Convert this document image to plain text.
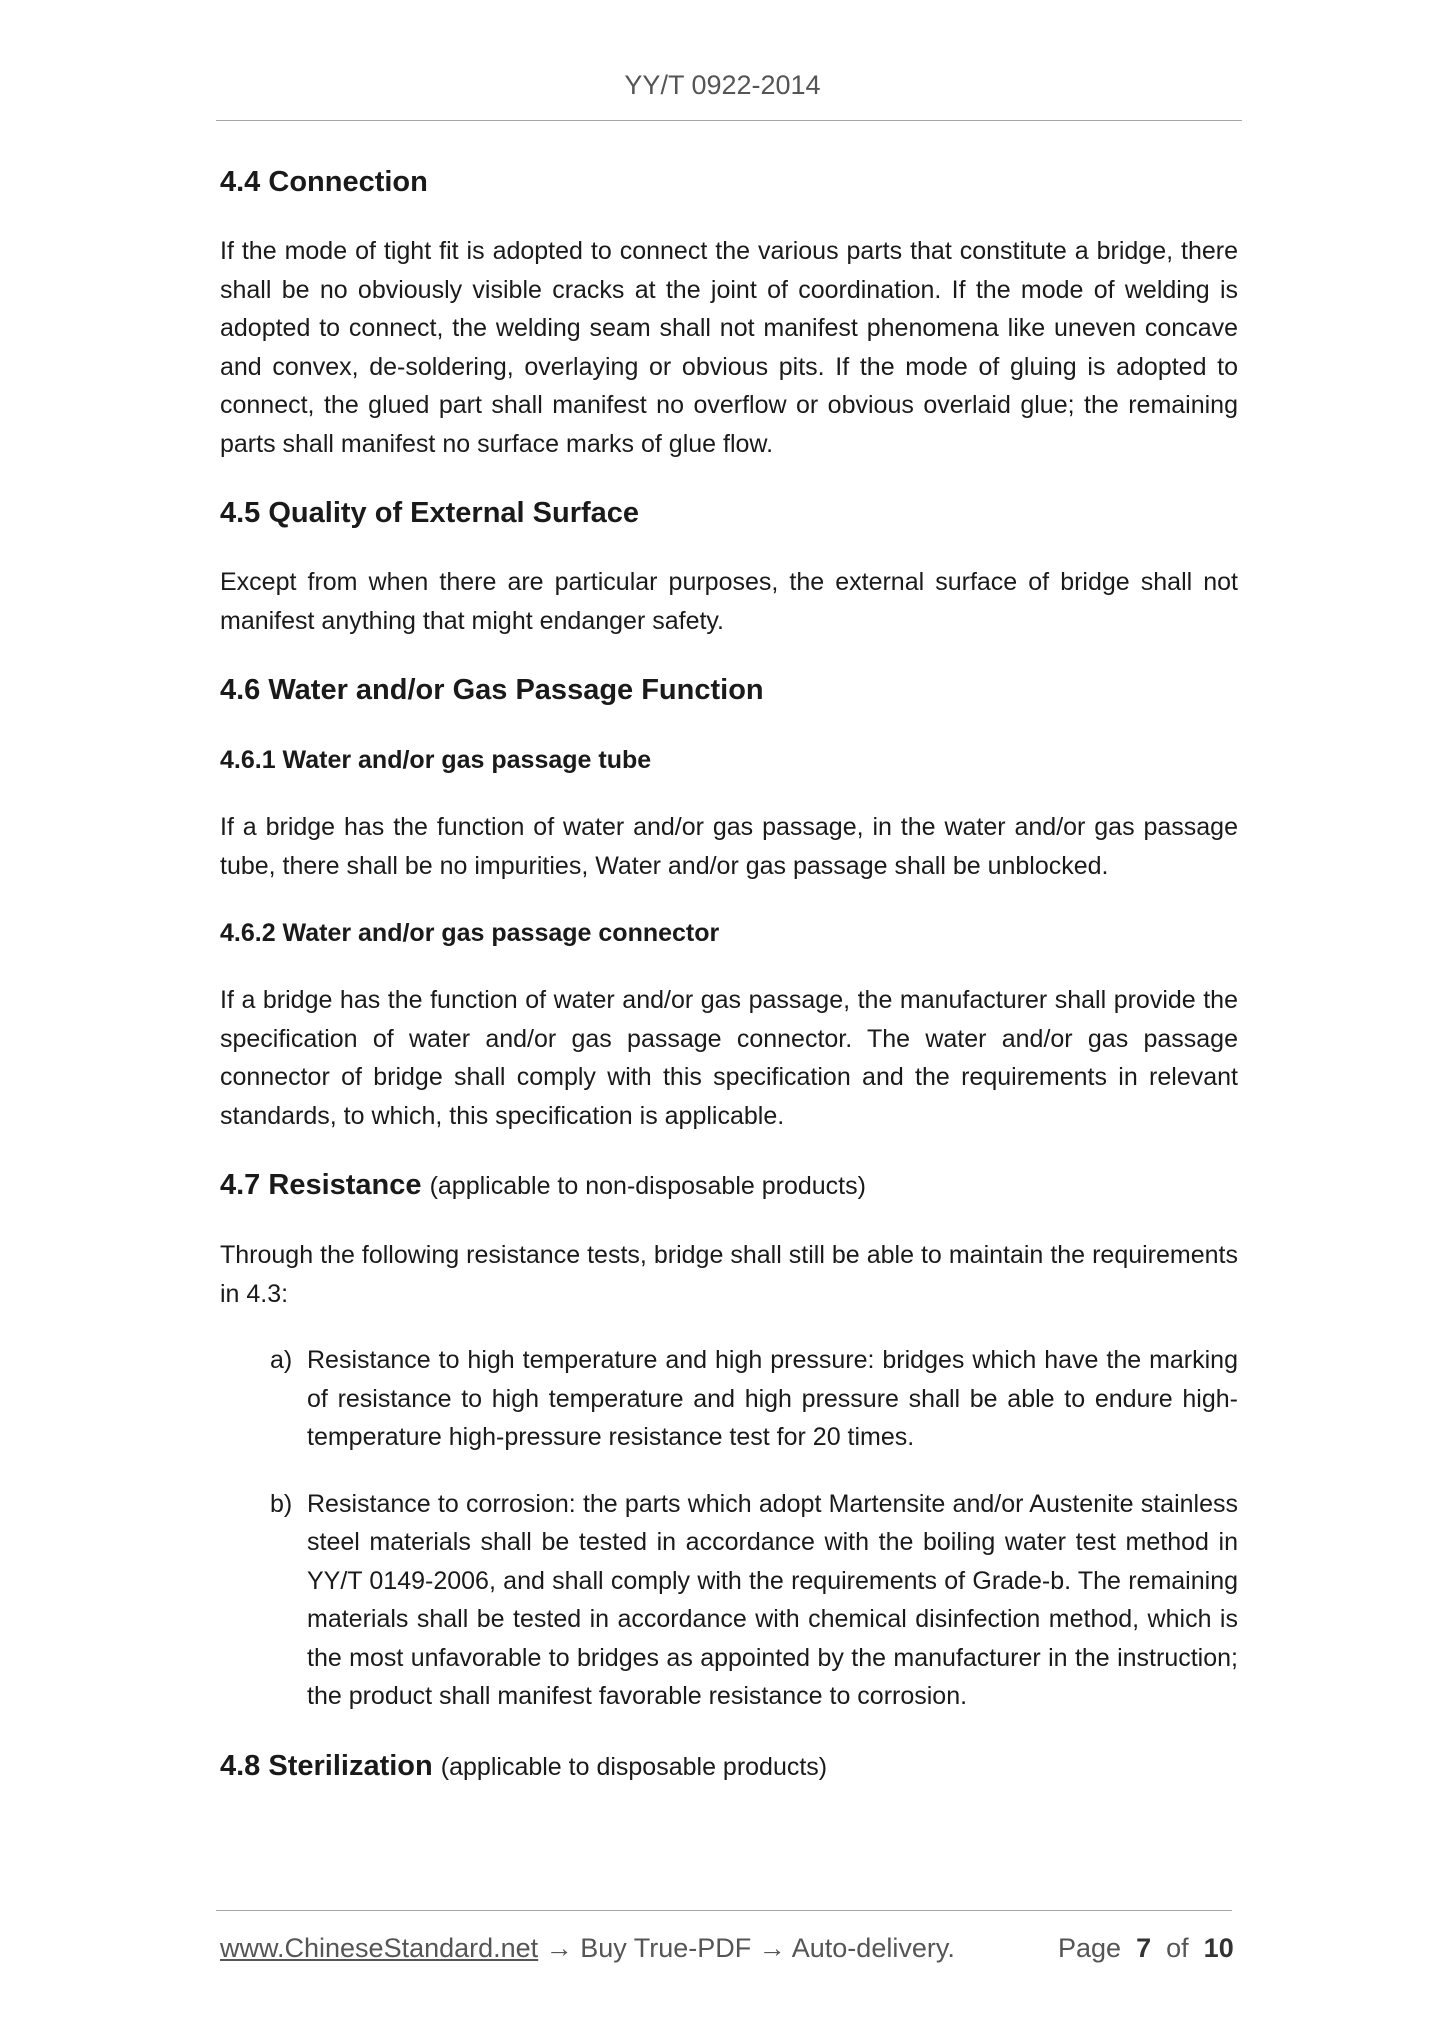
YY/T 0922-2014
4.4 Connection

If the mode of tight fit is adopted to connect the various parts that constitute a bridge, there shall be no obviously visible cracks at the joint of coordination. If the mode of welding is adopted to connect, the welding seam shall not manifest phenomena like uneven concave and convex, de-soldering, overlaying or obvious pits. If the mode of gluing is adopted to connect, the glued part shall manifest no overflow or obvious overlaid glue; the remaining parts shall manifest no surface marks of glue flow.

4.5 Quality of External Surface

Except from when there are particular purposes, the external surface of bridge shall not manifest anything that might endanger safety.

4.6 Water and/or Gas Passage Function
4.6.1 Water and/or gas passage tube

If a bridge has the function of water and/or gas passage, in the water and/or gas passage tube, there shall be no impurities, Water and/or gas passage shall be unblocked.

4.6.2 Water and/or gas passage connector

If a bridge has the function of water and/or gas passage, the manufacturer shall provide the specification of water and/or gas passage connector. The water and/or gas passage connector of bridge shall comply with this specification and the requirements in relevant standards, to which, this specification is applicable.

4.7 Resistance (applicable to non-disposable products)

Through the following resistance tests, bridge shall still be able to maintain the requirements in 4.3:

a) Resistance to high temperature and high pressure: bridges which have the marking of resistance to high temperature and high pressure shall be able to endure high-temperature high-pressure resistance test for 20 times.
b) Resistance to corrosion: the parts which adopt Martensite and/or Austenite stainless steel materials shall be tested in accordance with the boiling water test method in YY/T 0149-2006, and shall comply with the requirements of Grade-b. The remaining materials shall be tested in accordance with chemical disinfection method, which is the most unfavorable to bridges as appointed by the manufacturer in the instruction; the product shall manifest favorable resistance to corrosion.
4.8 Sterilization (applicable to disposable products)
www.ChineseStandard.net → Buy True-PDF → Auto-delivery.	Page 7 of 10
